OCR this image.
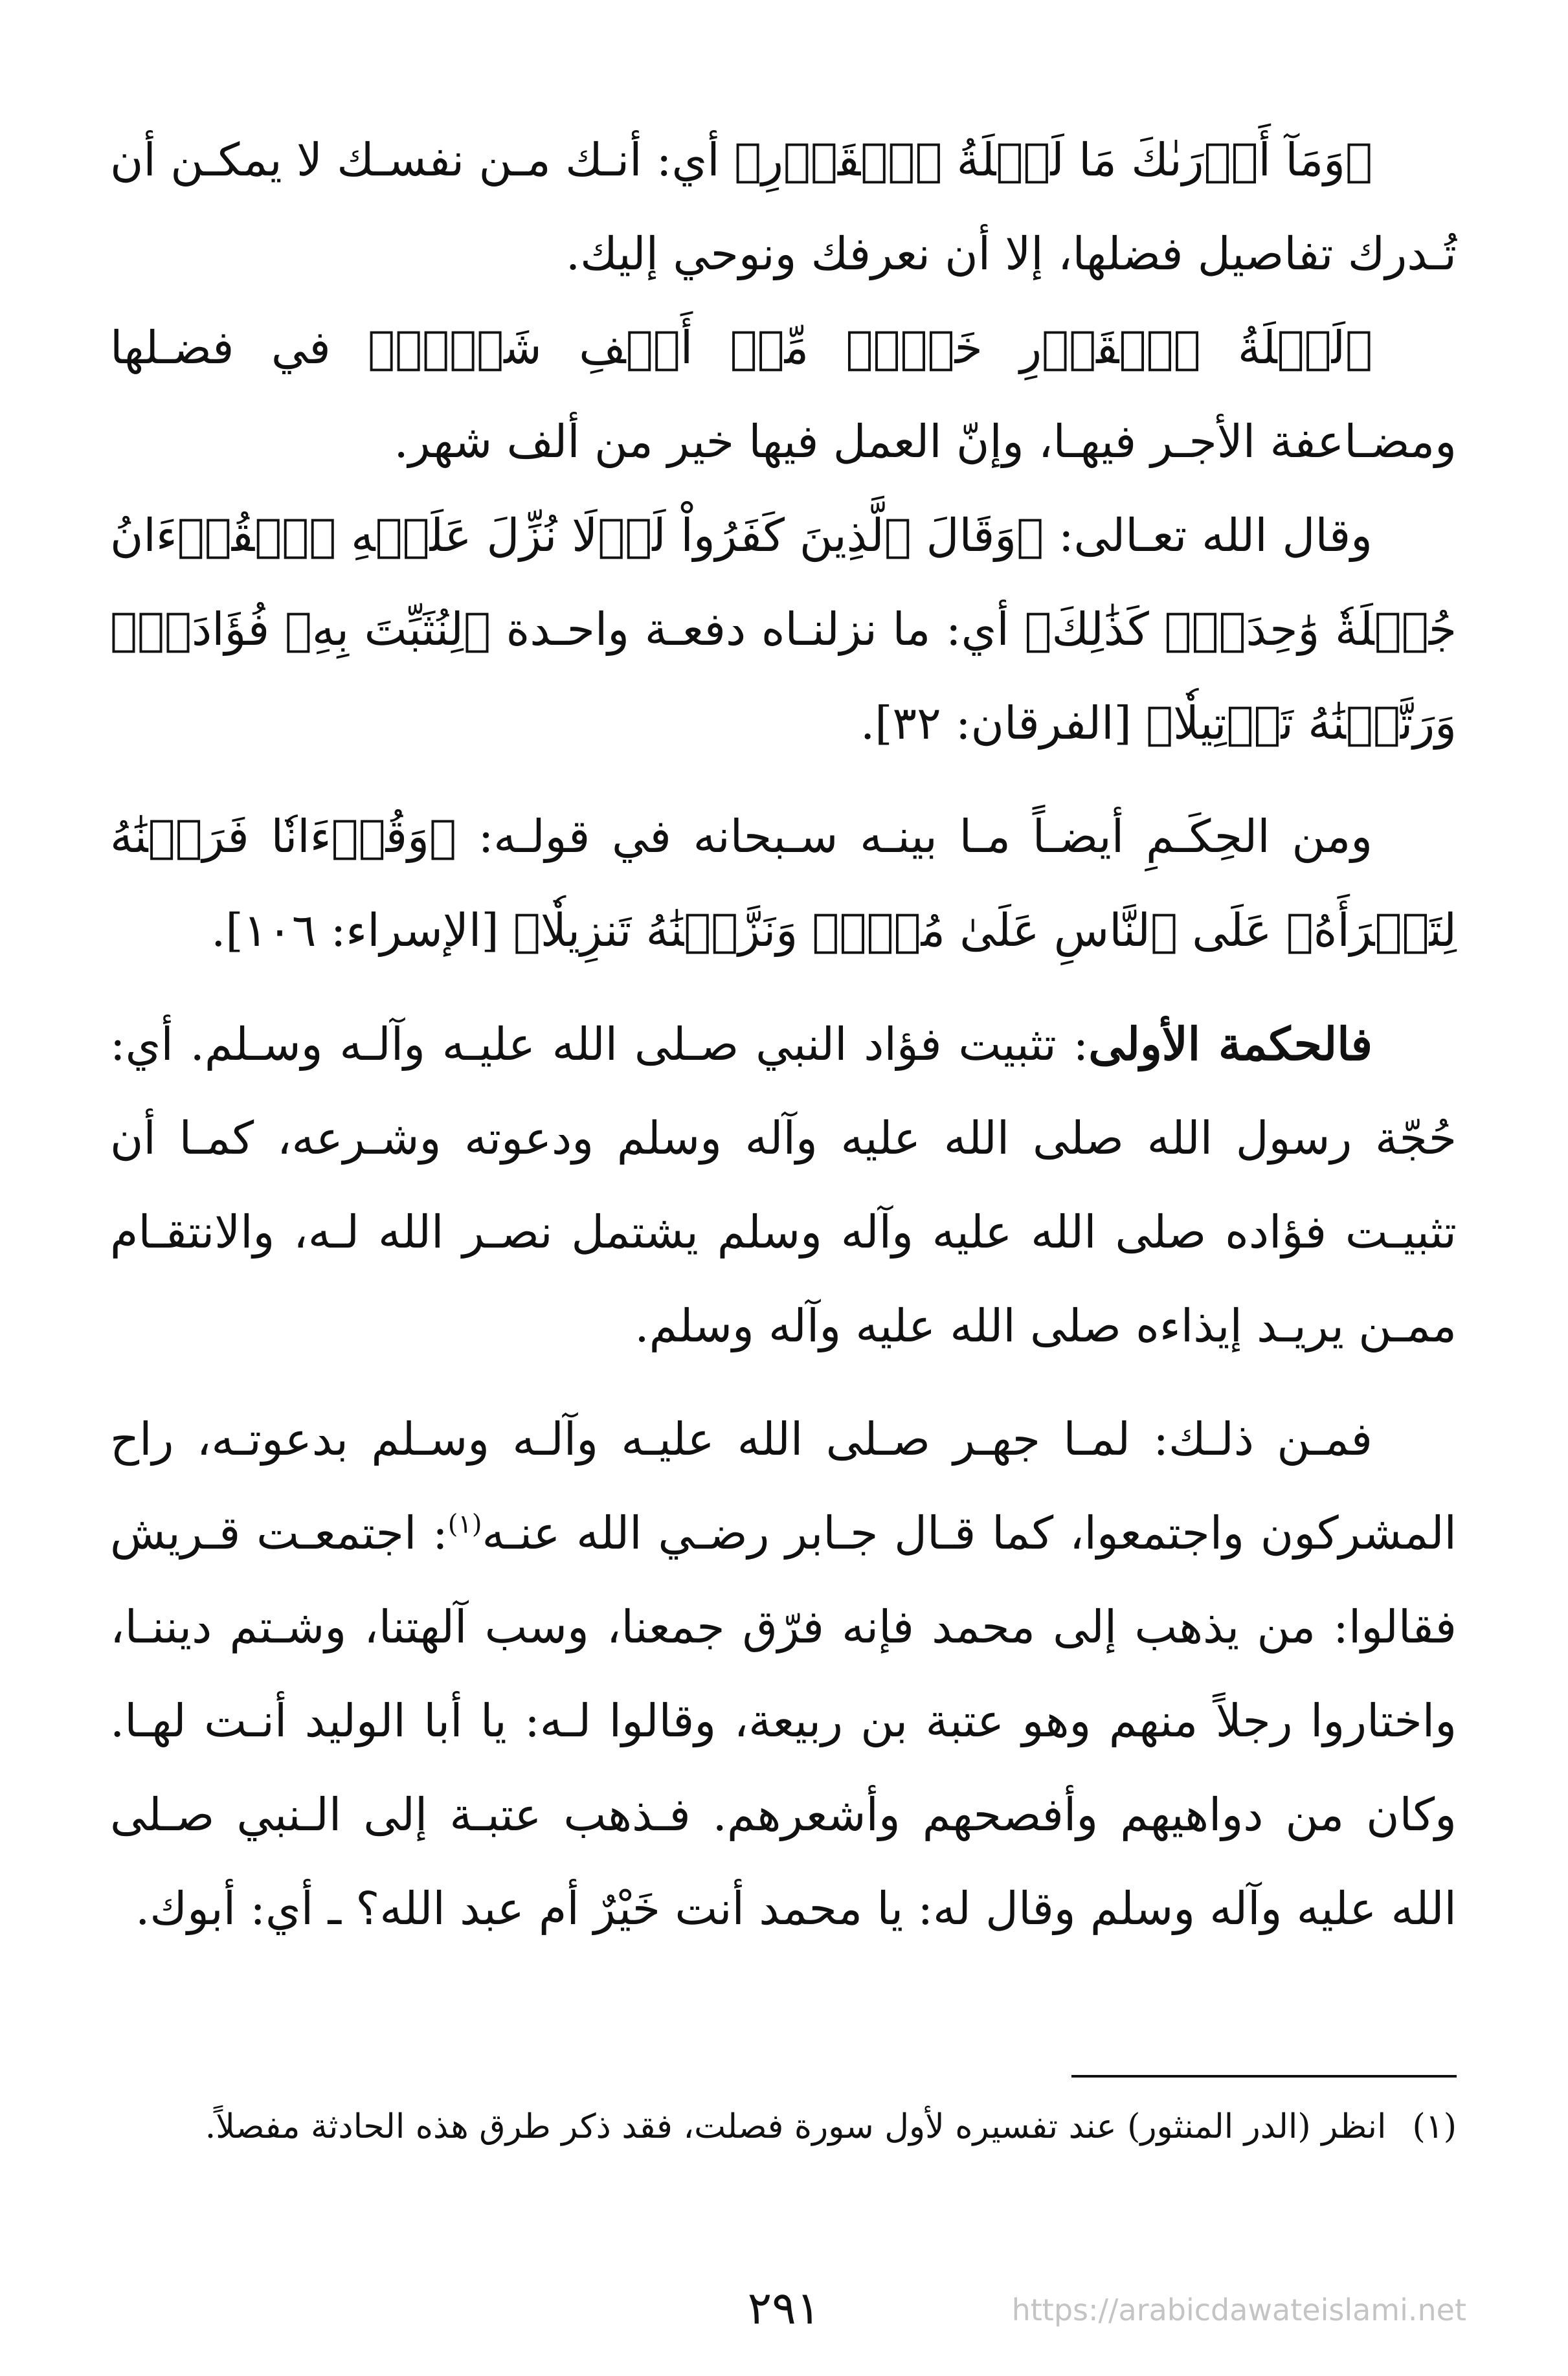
﴿وَمَآ أَدۡرَىٰكَ مَا لَيۡلَةُ ٱلۡقَدۡرِ﴾ أي: أنـك مـن نفسـك لا يمكـن أن تُـدرك تفاصيل فضلها، إلا أن نعرفك ونوحي إليك.

﴿لَيۡلَةُ ٱلۡقَدۡرِ خَيۡرٞ مِّنۡ أَلۡفِ شَهۡرٖ﴾ في فضـلها ومضـاعفة الأجـر فيهـا، وإنّ العمل فيها خير من ألف شهر.

وقال الله تعـالى: ﴿وَقَالَ ٱلَّذِينَ كَفَرُواْ لَوۡلَا نُزِّلَ عَلَيۡهِ ٱلۡقُرۡءَانُ جُمۡلَةٗ وَٰحِدَةٗۚ كَذَٰلِكَ﴾ أي: ما نزلنـاه دفعـة واحـدة ﴿لِنُثَبِّتَ بِهِۦ فُؤَادَكَۖ وَرَتَّلۡنَٰهُ تَرۡتِيلٗا﴾ [الفرقان: ٣٢].

ومن الحِكَـمِ أيضـاً مـا بينـه سـبحانه في قولـه: ﴿وَقُرۡءَانٗا فَرَقۡنَٰهُ لِتَقۡرَأَهُۥ عَلَى ٱلنَّاسِ عَلَىٰ مُكۡثٖ وَنَزَّلۡنَٰهُ تَنزِيلٗا﴾ [الإسراء: ١٠٦].

فالحكمة الأولى: تثبيت فؤاد النبي صـلى الله عليـه وآلـه وسـلم. أي: حُجّة رسول الله صلى الله عليه وآله وسلم ودعوته وشـرعه، كمـا أن تثبيـت فؤاده صلى الله عليه وآله وسلم يشتمل نصـر الله لـه، والانتقـام ممـن يريـد إيذاءه صلى الله عليه وآله وسلم.

فمـن ذلـك: لمـا جهـر صـلى الله عليـه وآلـه وسـلم بدعوتـه، راح المشركون واجتمعوا، كما قـال جـابر رضـي الله عنـه$^{(١)}$: اجتمعـت قـريش فقالوا: من يذهب إلى محمد فإنه فرّق جمعنا، وسب آلهتنا، وشـتم ديننـا، واختاروا رجلاً منهم وهو عتبة بن ربيعة، وقالوا لـه: يا أبا الوليد أنـت لهـا. وكان من دواهيهم وأفصحهم وأشعرهم. فـذهب عتبـة إلى الـنبي صـلى الله عليه وآله وسلم وقال له: يا محمد أنت خَيْرٌ أم عبد الله؟ ـ أي: أبوك.

(١)انظر (الدر المنثور) عند تفسيره لأول سورة فصلت، فقد ذكر طرق هذه الحادثة مفصلاً.
٢٩١	https://arabicdawateislami.net
